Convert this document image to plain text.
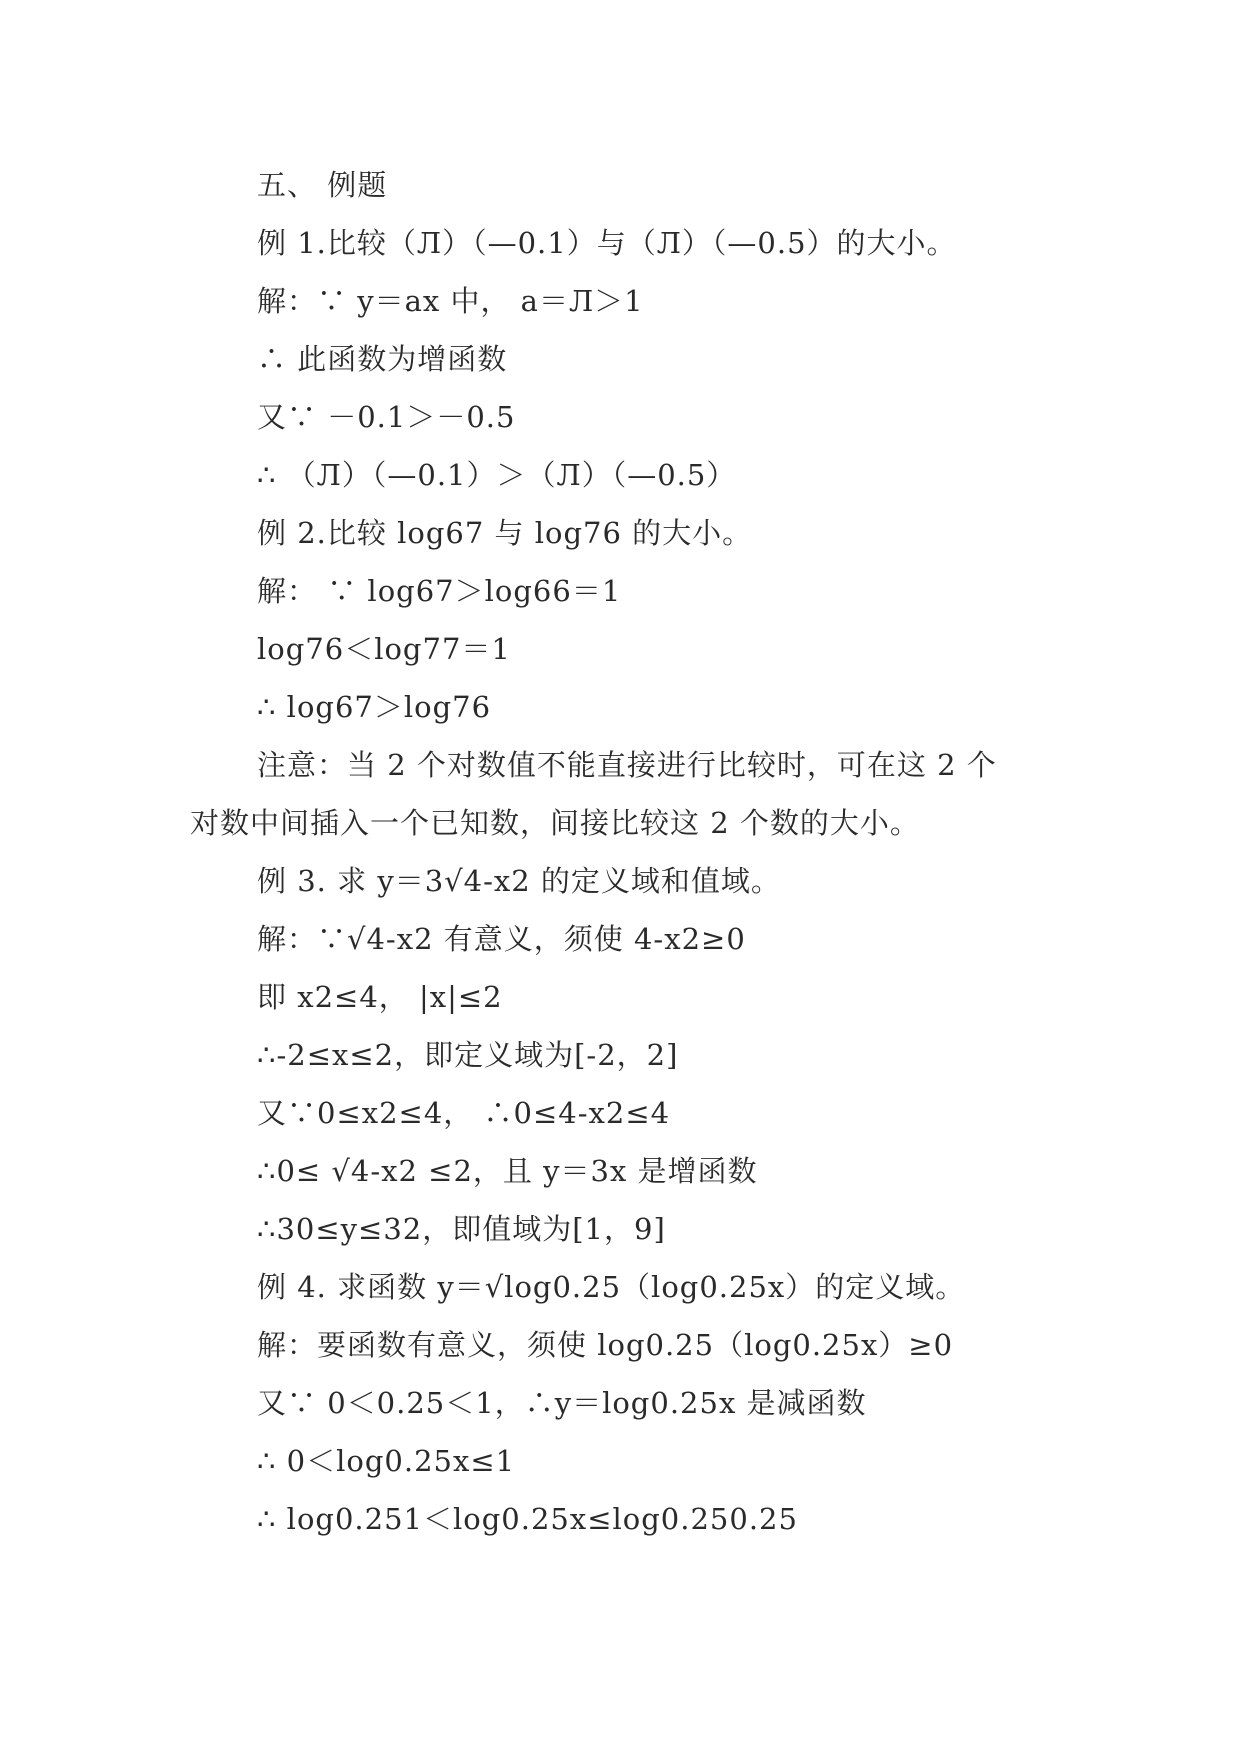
五、 例题
例 1.比较（Л）（—0.1）与（Л）（—0.5）的大小。
解：∵ y＝ax 中， a＝Л＞1
∴ 此函数为增函数
又∵ －0.1＞－0.5
∴ （Л）（—0.1）＞（Л）（—0.5）
例 2.比较 log67 与 log76 的大小。
解： ∵ log67＞log66＝1
log76＜log77＝1
∴ log67＞log76
注意：当 2 个对数值不能直接进行比较时，可在这 2 个
对数中间插入一个已知数，间接比较这 2 个数的大小。
例 3. 求 y＝3√4-x2 的定义域和值域。
解：∵√4-x2 有意义，须使 4-x2≥0
即 x2≤4， |x|≤2
∴-2≤x≤2，即定义域为[-2，2]
又∵0≤x2≤4， ∴0≤4-x2≤4
∴0≤ √4-x2 ≤2，且 y＝3x 是增函数
∴30≤y≤32，即值域为[1，9]
例 4. 求函数 y＝√log0.25（log0.25x）的定义域。
解：要函数有意义，须使 log0.25（log0.25x）≥0
又∵ 0＜0.25＜1，∴y＝log0.25x 是减函数
∴ 0＜log0.25x≤1
∴ log0.251＜log0.25x≤log0.250.25
